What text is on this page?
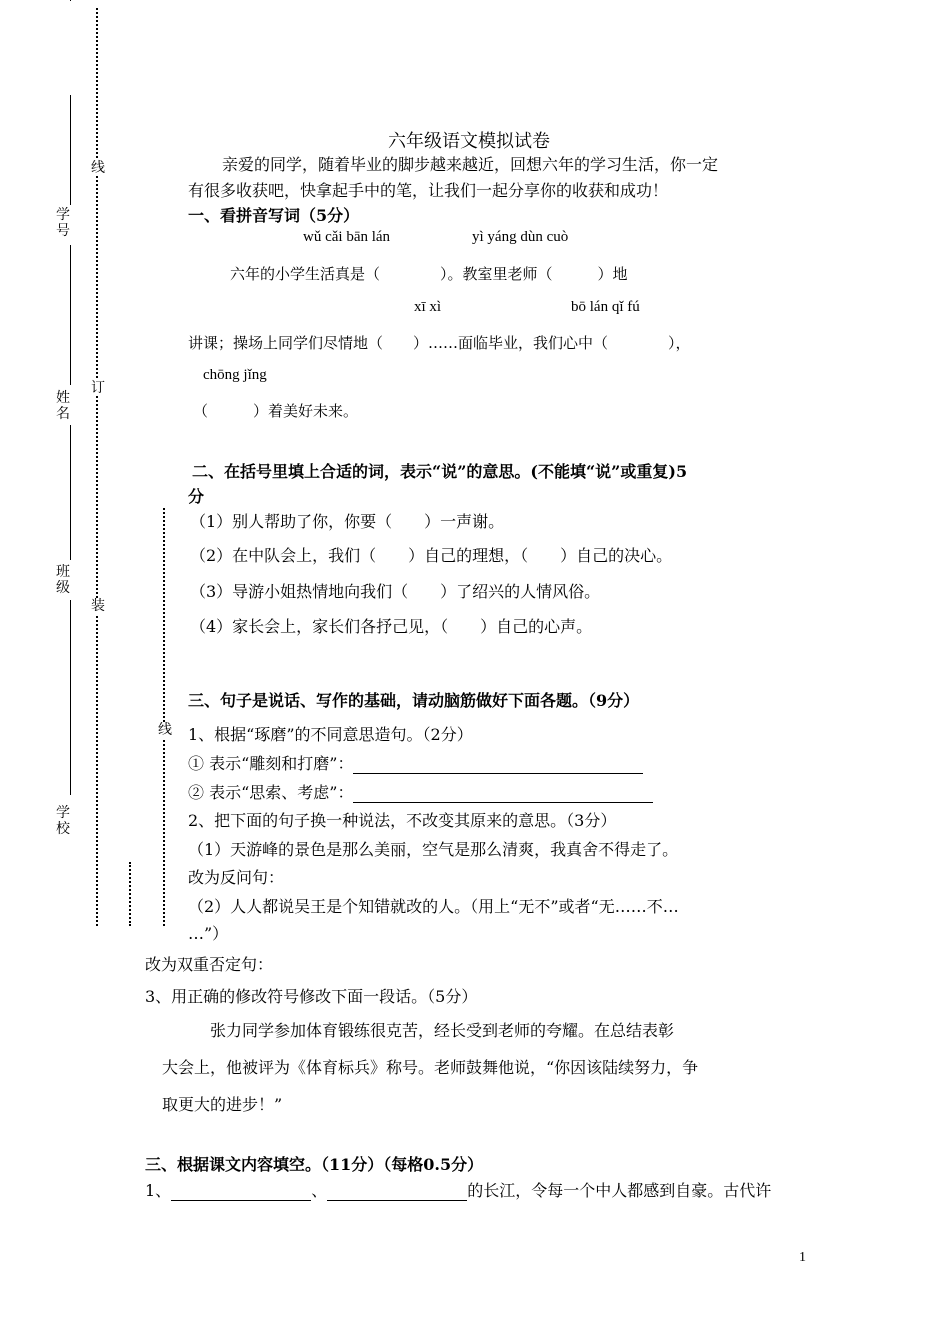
学号
姓名
班级
学校
线
订
装
线
六年级语文模拟试卷
亲爱的同学，随着毕业的脚步越来越近，回想六年的学习生活，你一定
有很多收获吧，快拿起手中的笔，让我们一起分享你的收获和成功！
一、看拼音写词（5分）
wǔ cǎi bān lán	yì yáng dùn cuò
六年的小学生活真是（　　　　）。教室里老师（　　　）地
xī xì	bō lán qǐ fú
讲课；操场上同学们尽情地（　　）……面临毕业，我们心中（　　　　），
chōng jǐng
（　　　）着美好未来。
二、在括号里填上合适的词，表示“说”的意思。(不能填“说”或重复)5
分
（1）别人帮助了你，你要（　　）一声谢。
（2）在中队会上，我们（　　）自己的理想，（　　）自己的决心。
（3）导游小姐热情地向我们（　　）了绍兴的人情风俗。
（4）家长会上，家长们各抒己见，（　　）自己的心声。
三、句子是说话、写作的基础，请动脑筋做好下面各题。（9分）
1、根据“琢磨”的不同意思造句。（2分）
① 表示“雕刻和打磨”：
② 表示“思索、考虑”：
2、把下面的句子换一种说法，不改变其原来的意思。（3分）
（1）天游峰的景色是那么美丽，空气是那么清爽，我真舍不得走了。
改为反问句：
（2）人人都说吴王是个知错就改的人。（用上“无不”或者“无……不…
…”）
改为双重否定句：
3、用正确的修改符号修改下面一段话。（5分）
张力同学参加体育锻练很克苦，经长受到老师的夸耀。在总结表彰
大会上，他被评为《体育标兵》称号。老师鼓舞他说，“你因该陆续努力，争
取更大的进步！”
三、根据课文内容填空。（11分）（每格0.5分）
1、	、	的长江，令每一个中人都感到自豪。古代许
1
